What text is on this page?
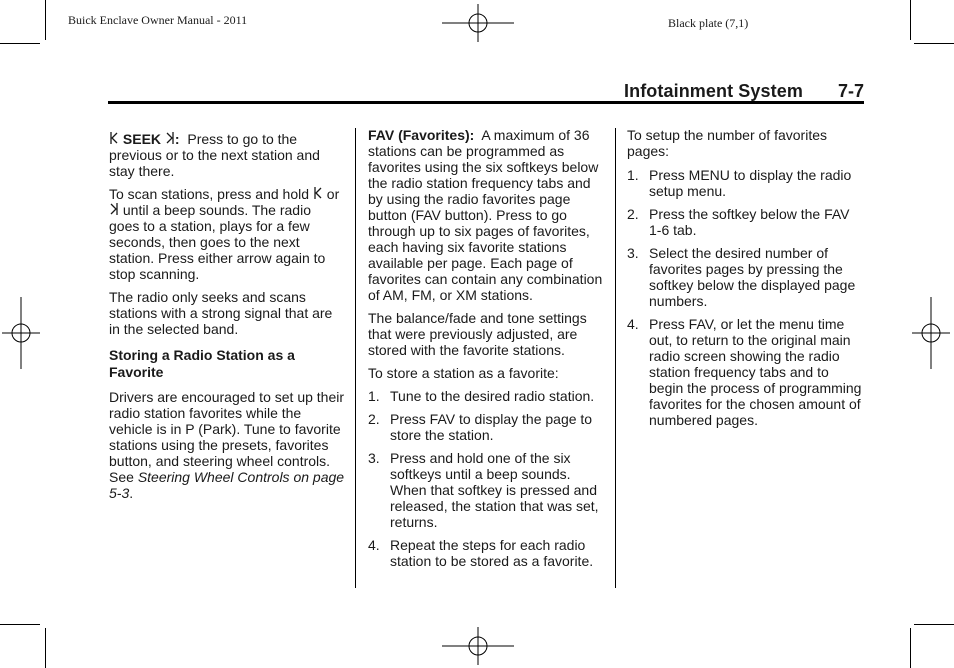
Buick Enclave Owner Manual - 2011	Black plate (7,1)
Infotainment System 7-7

SEEK : Press to go to the previous or to the next station and stay there.

To scan stations, press and hold or  until a beep sounds. The radio goes to a station, plays for a few seconds, then goes to the next station. Press either arrow again to stop scanning.

The radio only seeks and scans stations with a strong signal that are in the selected band.

Storing a Radio Station as a Favorite

Drivers are encouraged to set up their radio station favorites while the vehicle is in P (Park). Tune to favorite stations using the presets, favorites button, and steering wheel controls. See Steering Wheel Controls on page 5-3.

FAV (Favorites): A maximum of 36 stations can be programmed as favorites using the six softkeys below the radio station frequency tabs and by using the radio favorites page button (FAV button). Press to go through up to six pages of favorites, each having six favorite stations available per page. Each page of favorites can contain any combination of AM, FM, or XM stations.

The balance/fade and tone settings that were previously adjusted, are stored with the favorite stations.

To store a station as a favorite:

1. Tune to the desired radio station.
2. Press FAV to display the page to store the station.
3. Press and hold one of the six softkeys until a beep sounds. When that softkey is pressed and released, the station that was set, returns.
4. Repeat the steps for each radio station to be stored as a favorite.

To setup the number of favorites pages:

1. Press MENU to display the radio setup menu.
2. Press the softkey below the FAV 1-6 tab.
3. Select the desired number of favorites pages by pressing the softkey below the displayed page numbers.
4. Press FAV, or let the menu time out, to return to the original main radio screen showing the radio station frequency tabs and to begin the process of programming favorites for the chosen amount of numbered pages.
